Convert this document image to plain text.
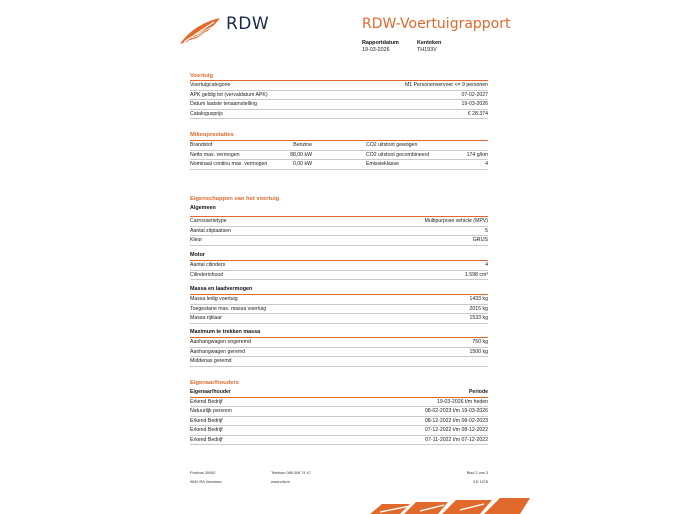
RDW	RDW-Voertuigrapport
Rapportdatum
19-03-2026
Kenteken
TH193V
Voertuig
Voertuigcategorie	M1 Personenvervoer <= 9 personen
APK geldig tot (vervaldatum APK)	07-02-2027
Datum laatste tenaamstelling	19-03-2026
Catalogusprijs	€ 28.374
Milieuprestaties
Brandstof	Benzine	CO2 uitstoot gewogen
Netto max. vermogen	88,00 kW	CO2 uitstoot gecombineerd	174 g/km
Nominaal continu max. vermogen	0,00 kW	Emissieklasse	4
Eigenschappen van het voertuig
Algemeen
Carrosserietype	Multipurpose vehicle (MPV)
Aantal zitplaatsen	5
Kleur	GRIJS
Motor
Aantal cilinders	4
Cilinderinhoud	1.598 cm³
Massa en laadvermogen
Massa ledig voertuig	1433 kg
Toegestane max. massa voertuig	2015 kg
Massa rijklaar	1533 kg
Maximum te trekken massa
Aanhangwagen ongeremd	750 kg
Aanhangwagen geremd	1500 kg
Middenas geremd
Eigenaar/houders
Eigenaar/houder	Periode
Erkend Bedrijf	19-03-2026 t/m heden
Natuurlijk persoon	08-02-2023 t/m 19-03-2026
Erkend Bedrijf	08-12-2022 t/m 08-02-2023
Erkend Bedrijf	07-12-2022 t/m 08-12-2022
Erkend Bedrijf	07-11-2022 t/m 07-12-2022
Postbus 30000
9640 RA Veendam
Telefoon 088 008 74 47
www.rdw.nl
Blad 2 van 3
3 E 1978
